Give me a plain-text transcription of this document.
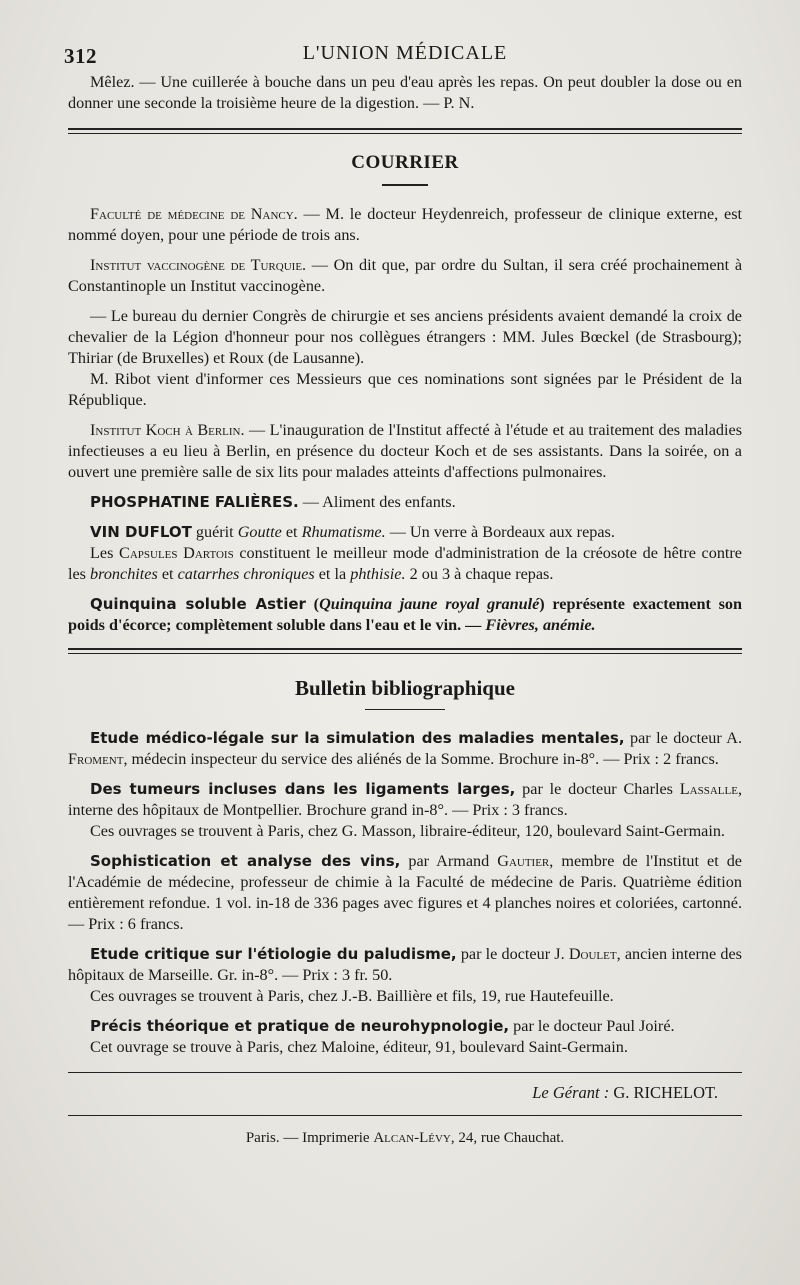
312	L'UNION MÉDICALE

Mêlez. — Une cuillerée à bouche dans un peu d'eau après les repas. On peut doubler la dose ou en donner une seconde la troisième heure de la digestion. — P. N.

COURRIER

Faculté de médecine de Nancy. — M. le docteur Heydenreich, professeur de clinique externe, est nommé doyen, pour une période de trois ans.

Institut vaccinogène de Turquie. — On dit que, par ordre du Sultan, il sera créé prochainement à Constantinople un Institut vaccinogène.

— Le bureau du dernier Congrès de chirurgie et ses anciens présidents avaient demandé la croix de chevalier de la Légion d'honneur pour nos collègues étrangers : MM. Jules Bœckel (de Strasbourg); Thiriar (de Bruxelles) et Roux (de Lausanne).

M. Ribot vient d'informer ces Messieurs que ces nominations sont signées par le Président de la République.

Institut Koch à Berlin. — L'inauguration de l'Institut affecté à l'étude et au traitement des maladies infectieuses a eu lieu à Berlin, en présence du docteur Koch et de ses assistants. Dans la soirée, on a ouvert une première salle de six lits pour malades atteints d'affections pulmonaires.

PHOSPHATINE FALIÈRES. — Aliment des enfants.

VIN DUFLOT guérit Goutte et Rhumatisme. — Un verre à Bordeaux aux repas.

Les Capsules Dartois constituent le meilleur mode d'administration de la créosote de hêtre contre les bronchites et catarrhes chroniques et la phthisie. 2 ou 3 à chaque repas.

Quinquina soluble Astier (Quinquina jaune royal granulé) représente exactement son poids d'écorce; complètement soluble dans l'eau et le vin. — Fièvres, anémie.

Bulletin bibliographique

Etude médico-légale sur la simulation des maladies mentales, par le docteur A. Froment, médecin inspecteur du service des aliénés de la Somme. Brochure in-8°. — Prix : 2 francs.

Des tumeurs incluses dans les ligaments larges, par le docteur Charles Lassalle, interne des hôpitaux de Montpellier. Brochure grand in-8°. — Prix : 3 francs.

Ces ouvrages se trouvent à Paris, chez G. Masson, libraire-éditeur, 120, boulevard Saint-Germain.

Sophistication et analyse des vins, par Armand Gautier, membre de l'Institut et de l'Académie de médecine, professeur de chimie à la Faculté de médecine de Paris. Quatrième édition entièrement refondue. 1 vol. in-18 de 336 pages avec figures et 4 planches noires et coloriées, cartonné. — Prix : 6 francs.

Etude critique sur l'étiologie du paludisme, par le docteur J. Doulet, ancien interne des hôpitaux de Marseille. Gr. in-8°. — Prix : 3 fr. 50.

Ces ouvrages se trouvent à Paris, chez J.-B. Baillière et fils, 19, rue Hautefeuille.

Précis théorique et pratique de neurohypnologie, par le docteur Paul Joiré.

Cet ouvrage se trouve à Paris, chez Maloine, éditeur, 91, boulevard Saint-Germain.

Le Gérant : G. RICHELOT.
Paris. — Imprimerie Alcan-Lévy, 24, rue Chauchat.
